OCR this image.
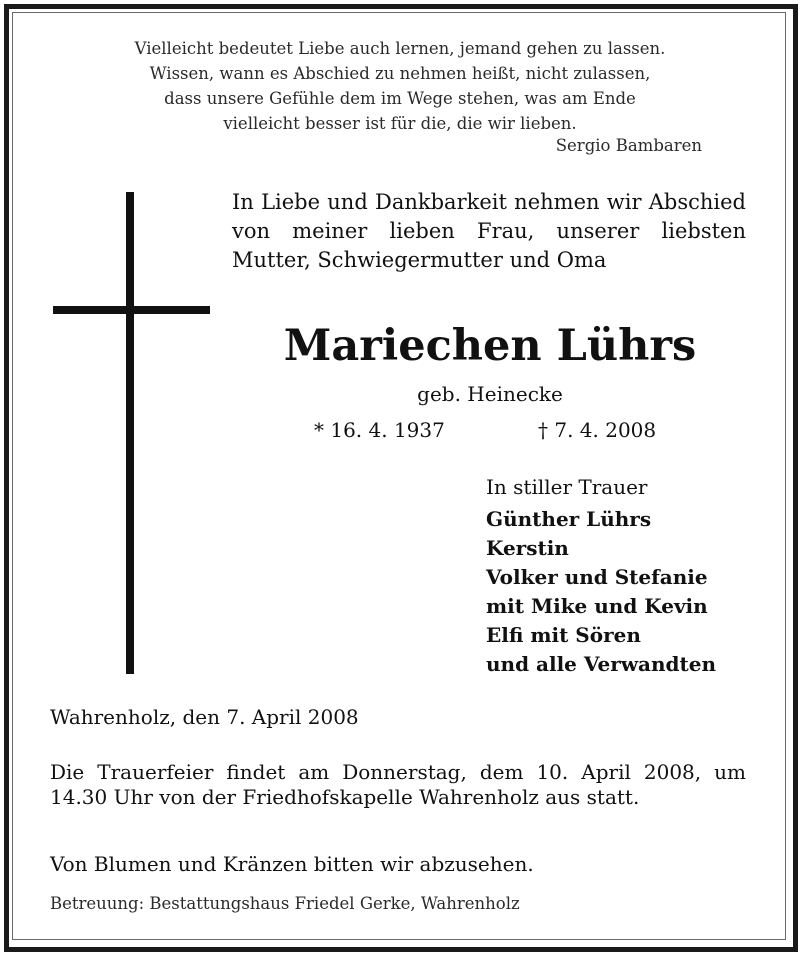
Vielleicht bedeutet Liebe auch lernen, jemand gehen zu lassen.
Wissen, wann es Abschied zu nehmen heißt, nicht zulassen,
dass unsere Gefühle dem im Wege stehen, was am Ende
vielleicht besser ist für die, die wir lieben.
Sergio Bambaren
In Liebe und Dankbarkeit nehmen wir Abschied von meiner lieben Frau, unserer liebsten Mutter, Schwiegermutter und Oma
Mariechen Lührs
geb. Heinecke
* 16. 4. 1937	† 7. 4. 2008
In stiller Trauer
Günther Lührs
Kerstin
Volker und Stefanie
mit Mike und Kevin
Elfi mit Sören
und alle Verwandten
Wahrenholz, den 7. April 2008
Die Trauerfeier findet am Donnerstag, dem 10. April 2008, um 14.30 Uhr von der Friedhofskapelle Wahrenholz aus statt.
Von Blumen und Kränzen bitten wir abzusehen.
Betreuung: Bestattungshaus Friedel Gerke, Wahrenholz
